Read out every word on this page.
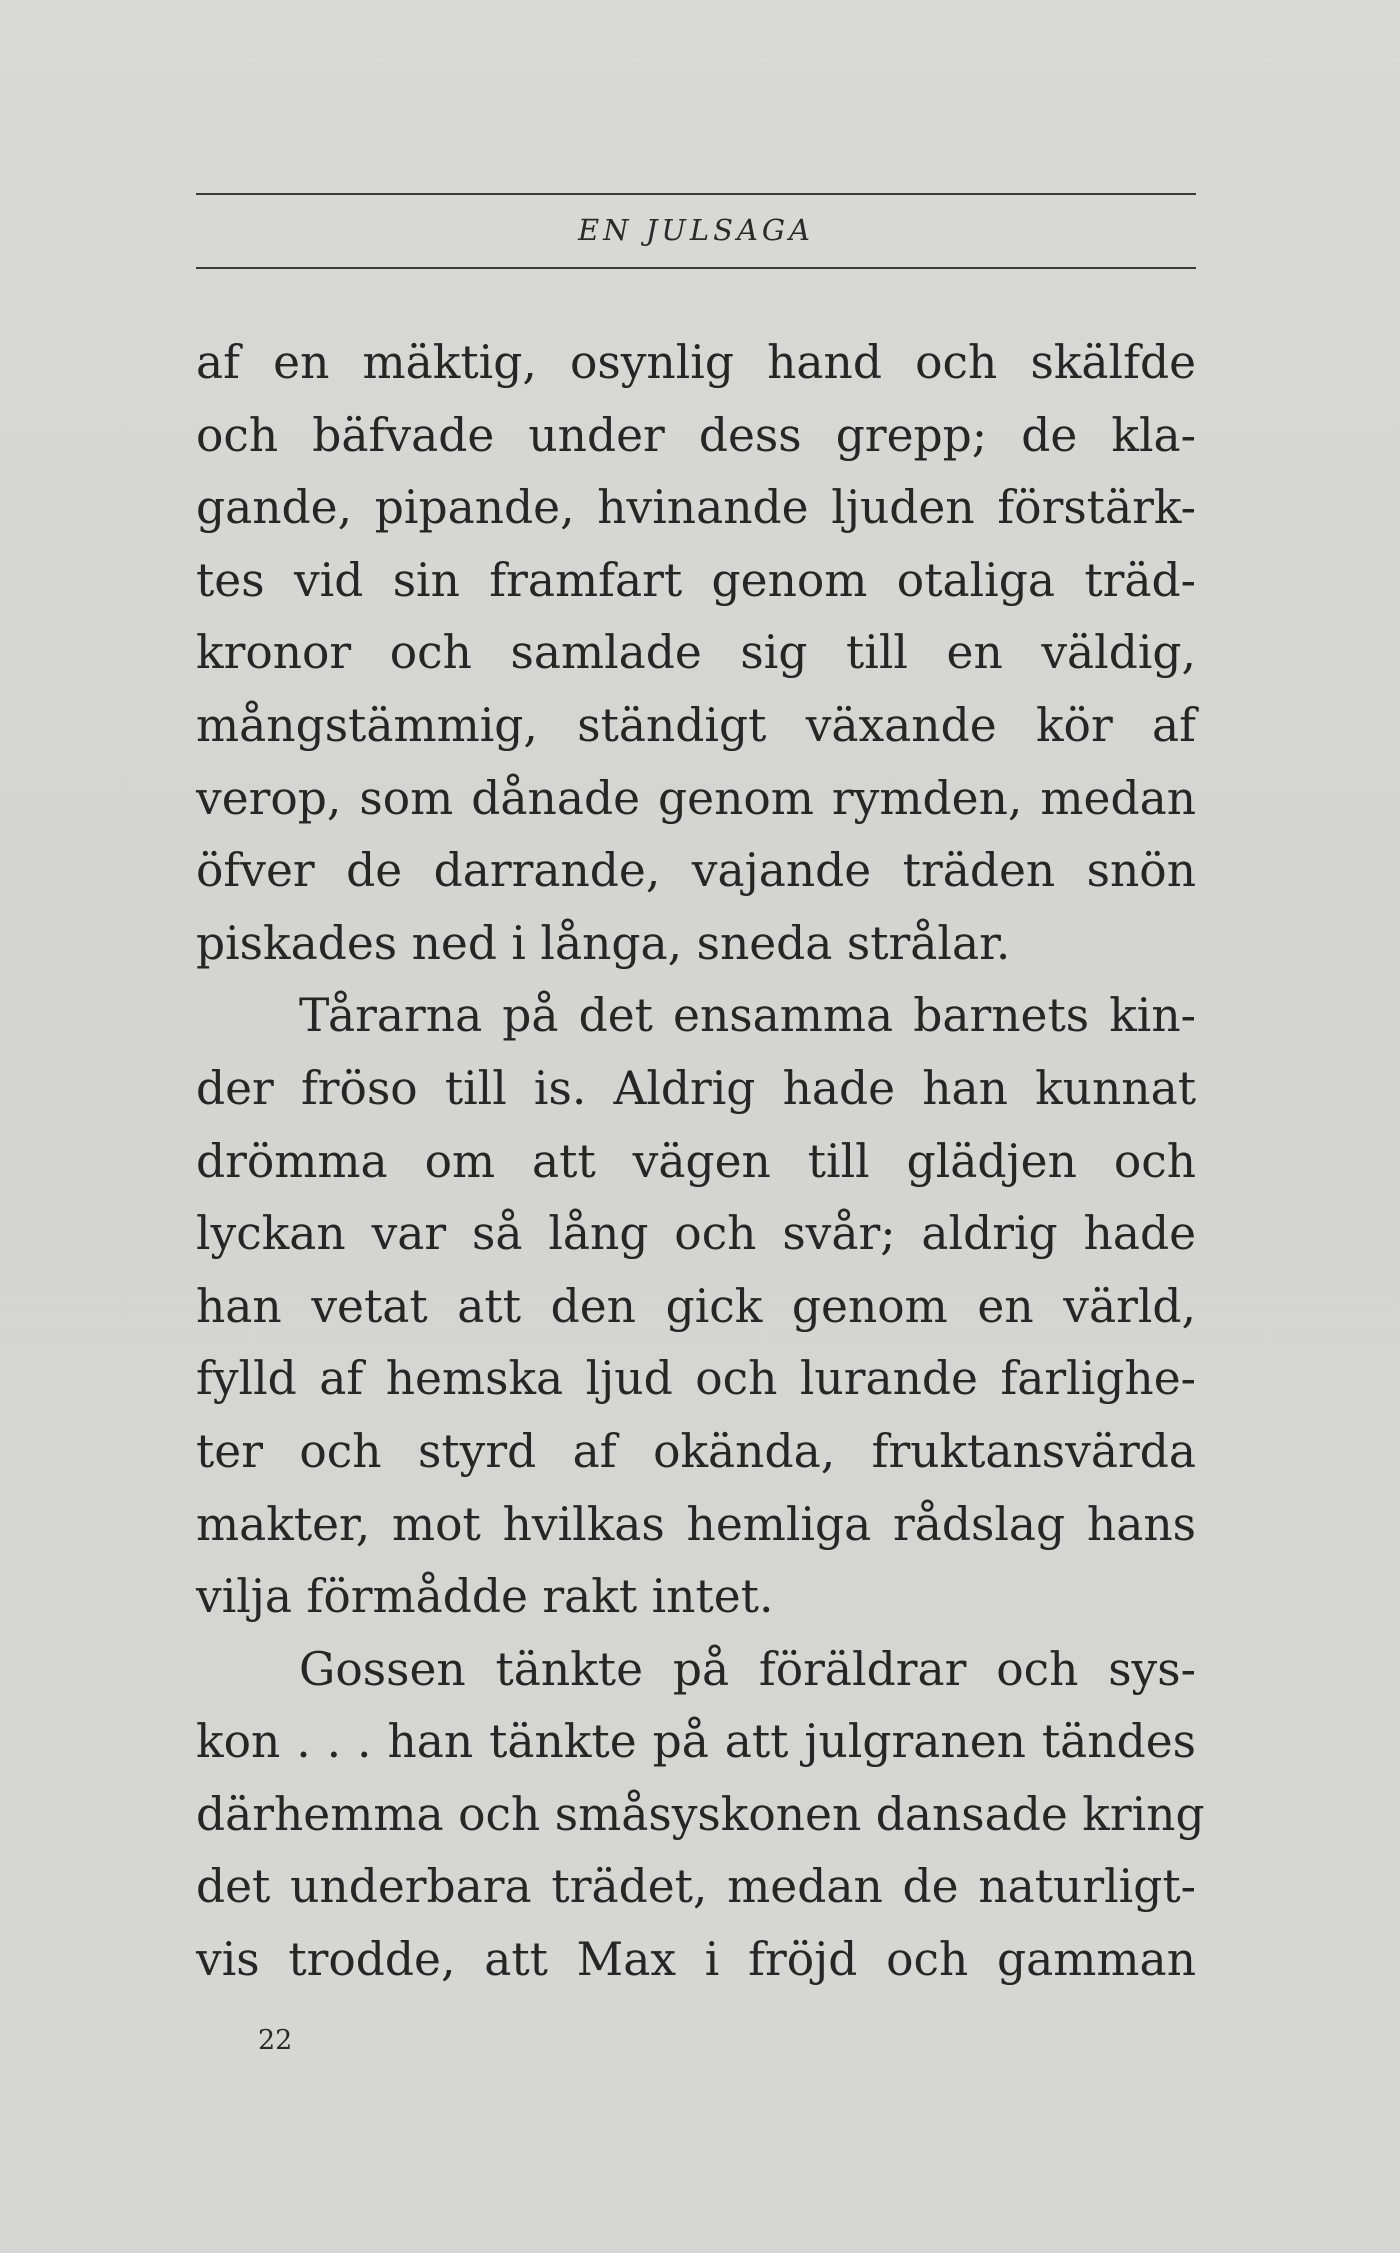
EN JULSAGA
af en mäktig, osynlig hand och skälfde
och bäfvade under dess grepp; de kla-
gande, pipande, hvinande ljuden förstärk-
tes vid sin framfart genom otaliga träd-
kronor och samlade sig till en väldig,
mångstämmig, ständigt växande kör af
verop, som dånade genom rymden, medan
öfver de darrande, vajande träden snön
piskades ned i långa, sneda strålar.
Tårarna på det ensamma barnets kin-
der fröso till is. Aldrig hade han kunnat
drömma om att vägen till glädjen och
lyckan var så lång och svår; aldrig hade
han vetat att den gick genom en värld,
fylld af hemska ljud och lurande farlighe-
ter och styrd af okända, fruktansvärda
makter, mot hvilkas hemliga rådslag hans
vilja förmådde rakt intet.
Gossen tänkte på föräldrar och sys-
kon . . . han tänkte på att julgranen tändes
därhemma och småsyskonen dansade kring
det underbara trädet, medan de naturligt-
vis trodde, att Max i fröjd och gamman
22
